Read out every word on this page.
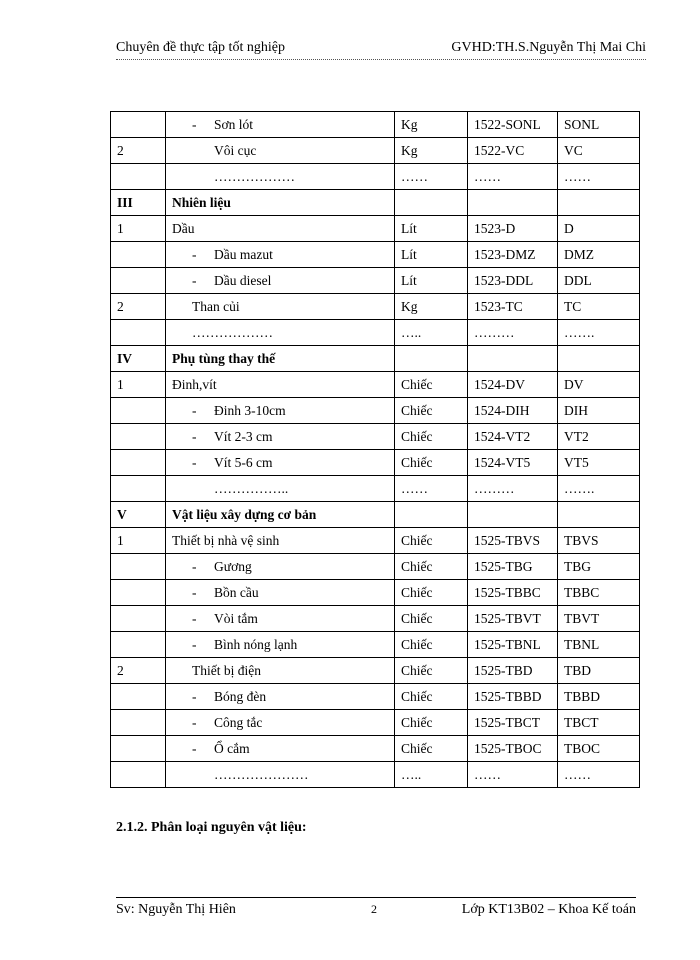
Chuyên đề thực tập tốt nghiệp	GVHD:TH.S.Nguyễn Thị Mai Chi
	- Sơn lót	Kg	1522-SONL	SONL
2	Vôi cục	Kg	1522-VC	VC
	………………	……	……	……
III	Nhiên liệu			
1	Dầu	Lít	1523-D	D
	- Dầu mazut	Lít	1523-DMZ	DMZ
	- Dầu diesel	Lít	1523-DDL	DDL
2	Than củi	Kg	1523-TC	TC
	………………	…..	………	…….
IV	Phụ tùng thay thế			
1	Đinh,vít	Chiếc	1524-DV	DV
	- Đinh 3-10cm	Chiếc	1524-DIH	DIH
	- Vít 2-3 cm	Chiếc	1524-VT2	VT2
	- Vít 5-6 cm	Chiếc	1524-VT5	VT5
	……………..	……	………	…….
V	Vật liệu xây dựng cơ bản			
1	Thiết bị nhà vệ sinh	Chiếc	1525-TBVS	TBVS
	- Gương	Chiếc	1525-TBG	TBG
	- Bồn cầu	Chiếc	1525-TBBC	TBBC
	- Vòi tắm	Chiếc	1525-TBVT	TBVT
	- Bình nóng lạnh	Chiếc	1525-TBNL	TBNL
2	Thiết bị điện	Chiếc	1525-TBD	TBD
	- Bóng đèn	Chiếc	1525-TBBD	TBBD
	- Công tắc	Chiếc	1525-TBCT	TBCT
	- Ổ cắm	Chiếc	1525-TBOC	TBOC
	…………………	…..	……	……
2.1.2. Phân loại nguyên vật liệu:
Sv: Nguyễn Thị Hiên	2	Lớp KT13B02 – Khoa Kế toán
